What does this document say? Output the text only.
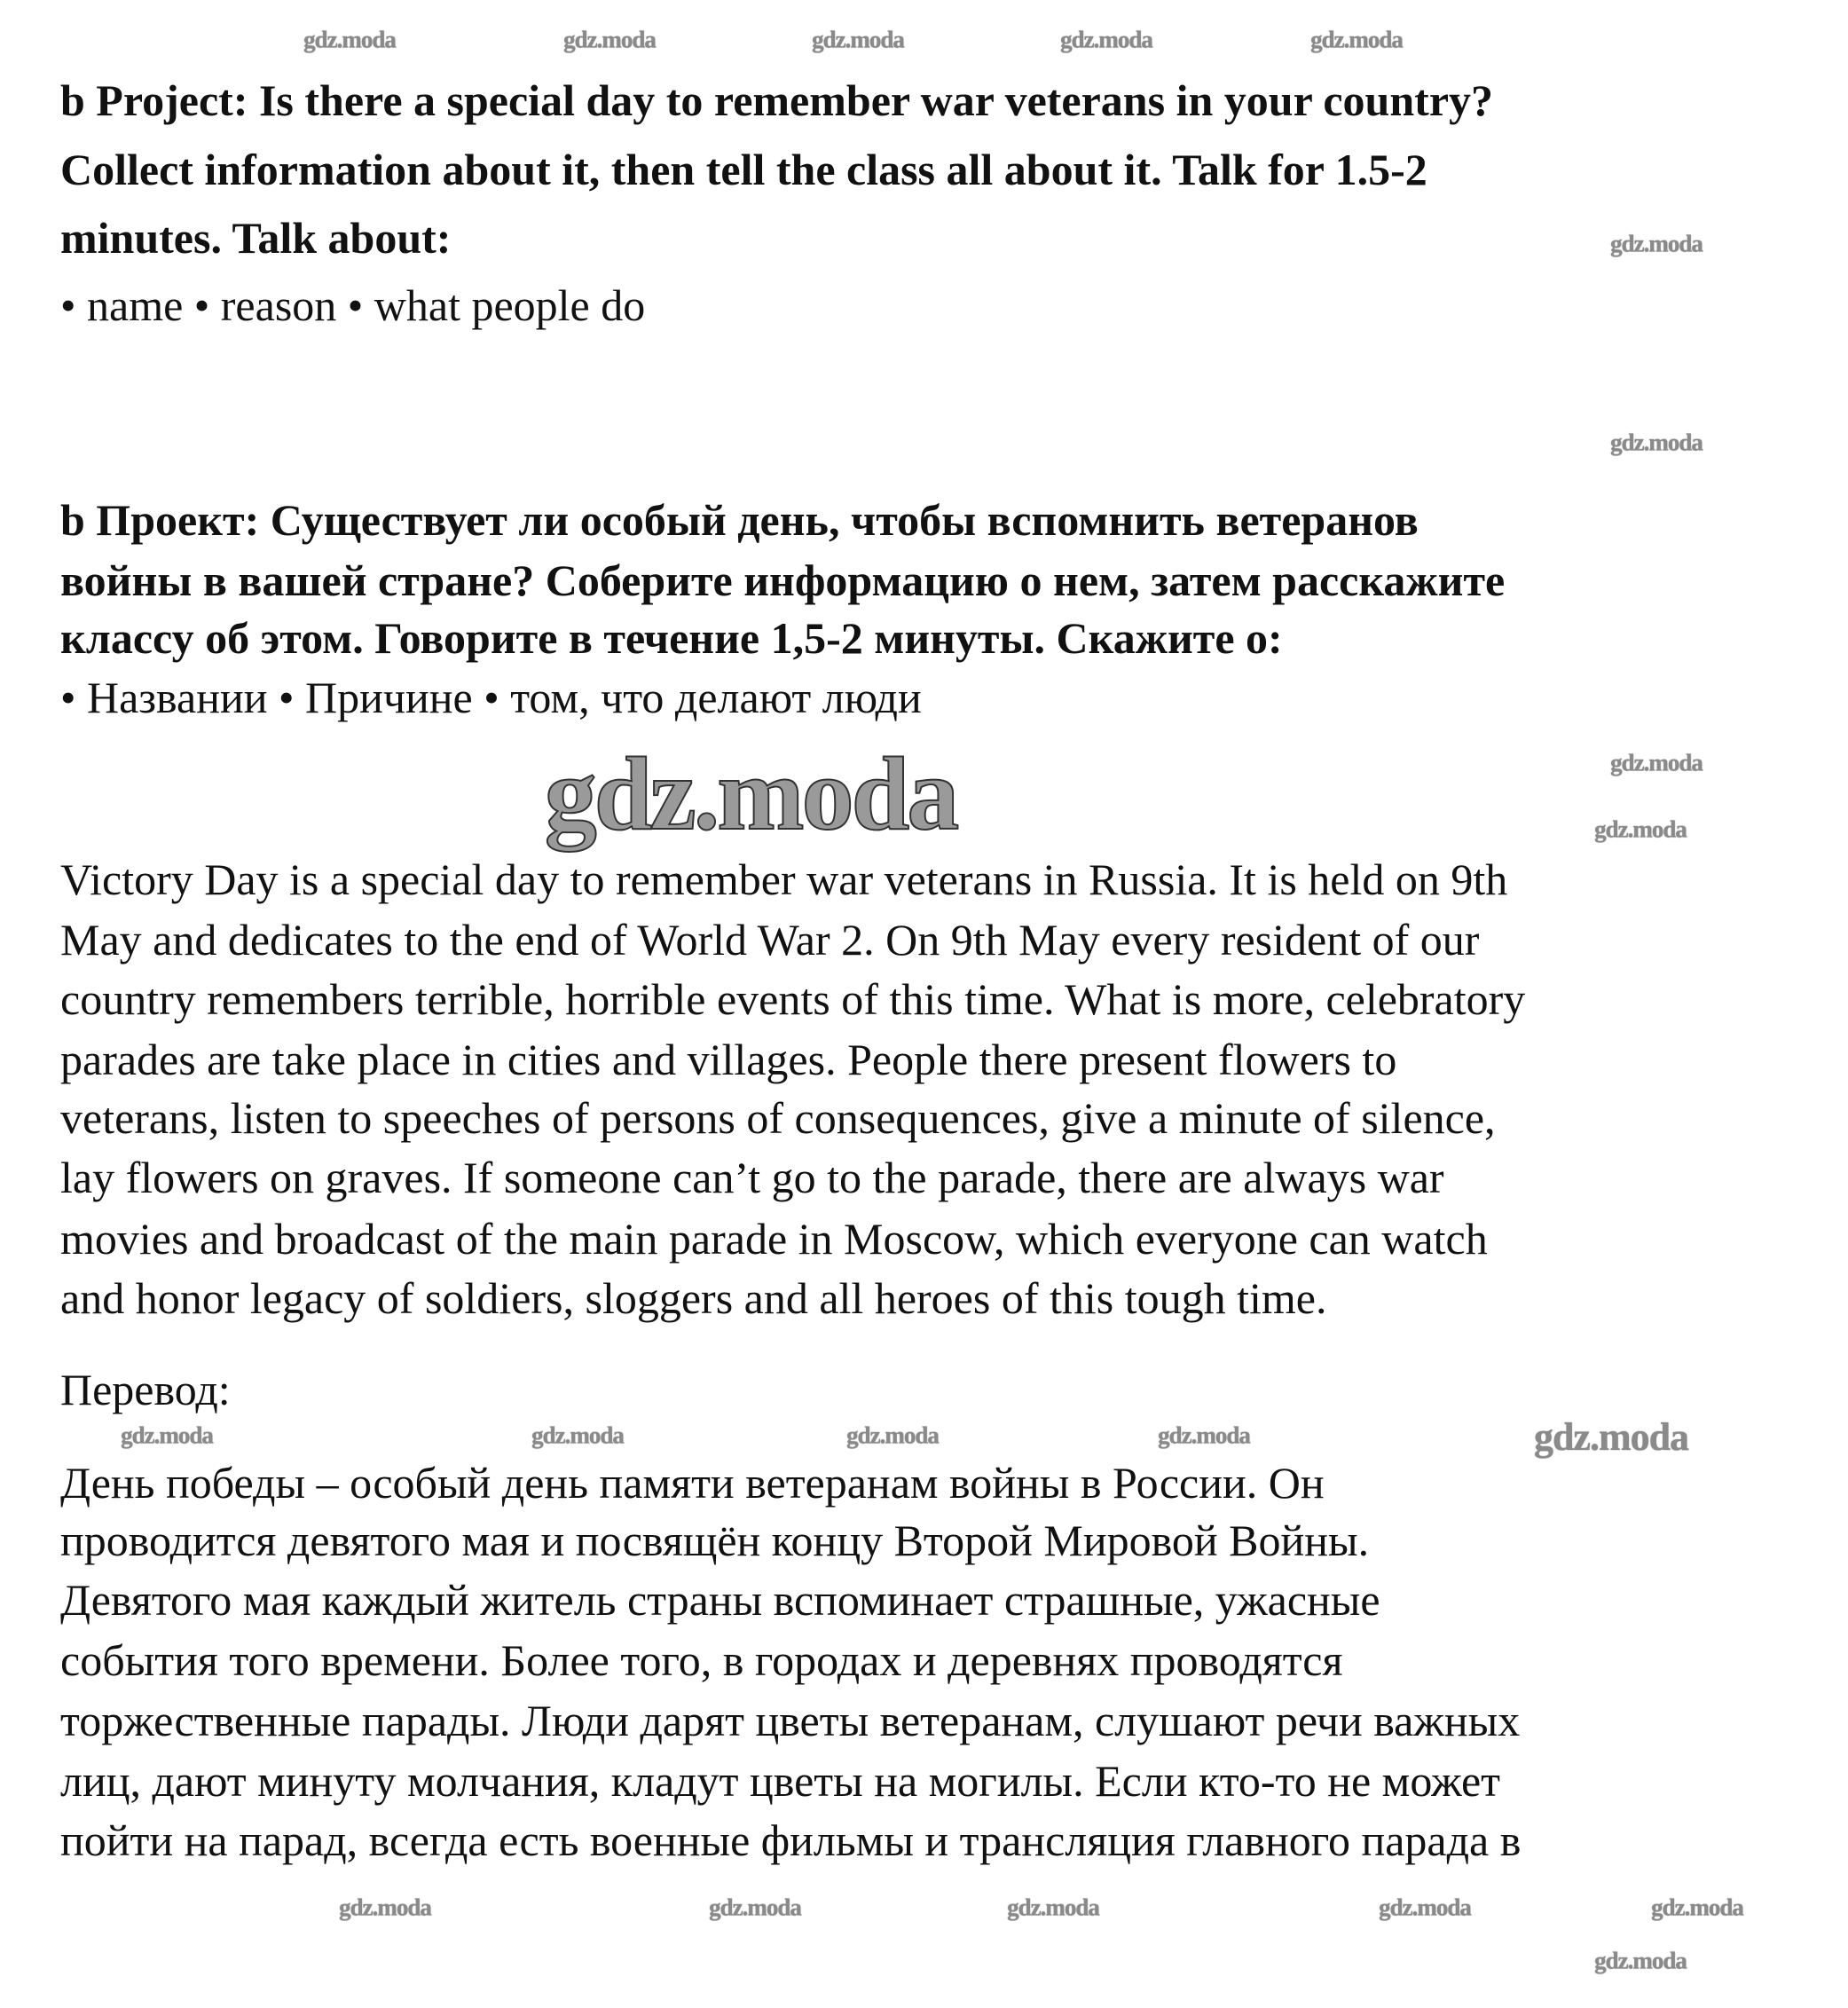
b Project: Is there a special day to remember war veterans in your country?
Collect information about it, then tell the class all about it. Talk for 1.5-2
minutes. Talk about:
• name • reason • what people do
b Проект: Существует ли особый день, чтобы вспомнить ветеранов
войны в вашей стране? Соберите информацию о нем, затем расскажите
классу об этом. Говорите в течение 1,5-2 минуты. Скажите о:
• Названии • Причине • том, что делают люди
Victory Day is a special day to remember war veterans in Russia. It is held on 9th
May and dedicates to the end of World War 2. On 9th May every resident of our
country remembers terrible, horrible events of this time. What is more, celebratory
parades are take place in cities and villages. People there present flowers to
veterans, listen to speeches of persons of consequences, give a minute of silence,
lay flowers on graves. If someone can’t go to the parade, there are always war
movies and broadcast of the main parade in Moscow, which everyone can watch
and honor legacy of soldiers, sloggers and all heroes of this tough time.
Перевод:
День победы – особый день памяти ветеранам войны в России. Он
проводится девятого мая и посвящён концу Второй Мировой Войны.
Девятого мая каждый житель страны вспоминает страшные, ужасные
события того времени. Более того, в городах и деревнях проводятся
торжественные парады. Люди дарят цветы ветеранам, слушают речи важных
лиц, дают минуту молчания, кладут цветы на могилы. Если кто-то не может
пойти на парад, всегда есть военные фильмы и трансляция главного парада в
gdz.moda	gdz.moda	gdz.moda	gdz.moda	gdz.moda
gdz.moda
gdz.moda
gdz.moda
gdz.moda
gdz.moda
gdz.moda	gdz.moda	gdz.moda	gdz.moda	gdz.moda
gdz.moda
gdz.moda	gdz.moda	gdz.moda	gdz.moda
gdz.moda
